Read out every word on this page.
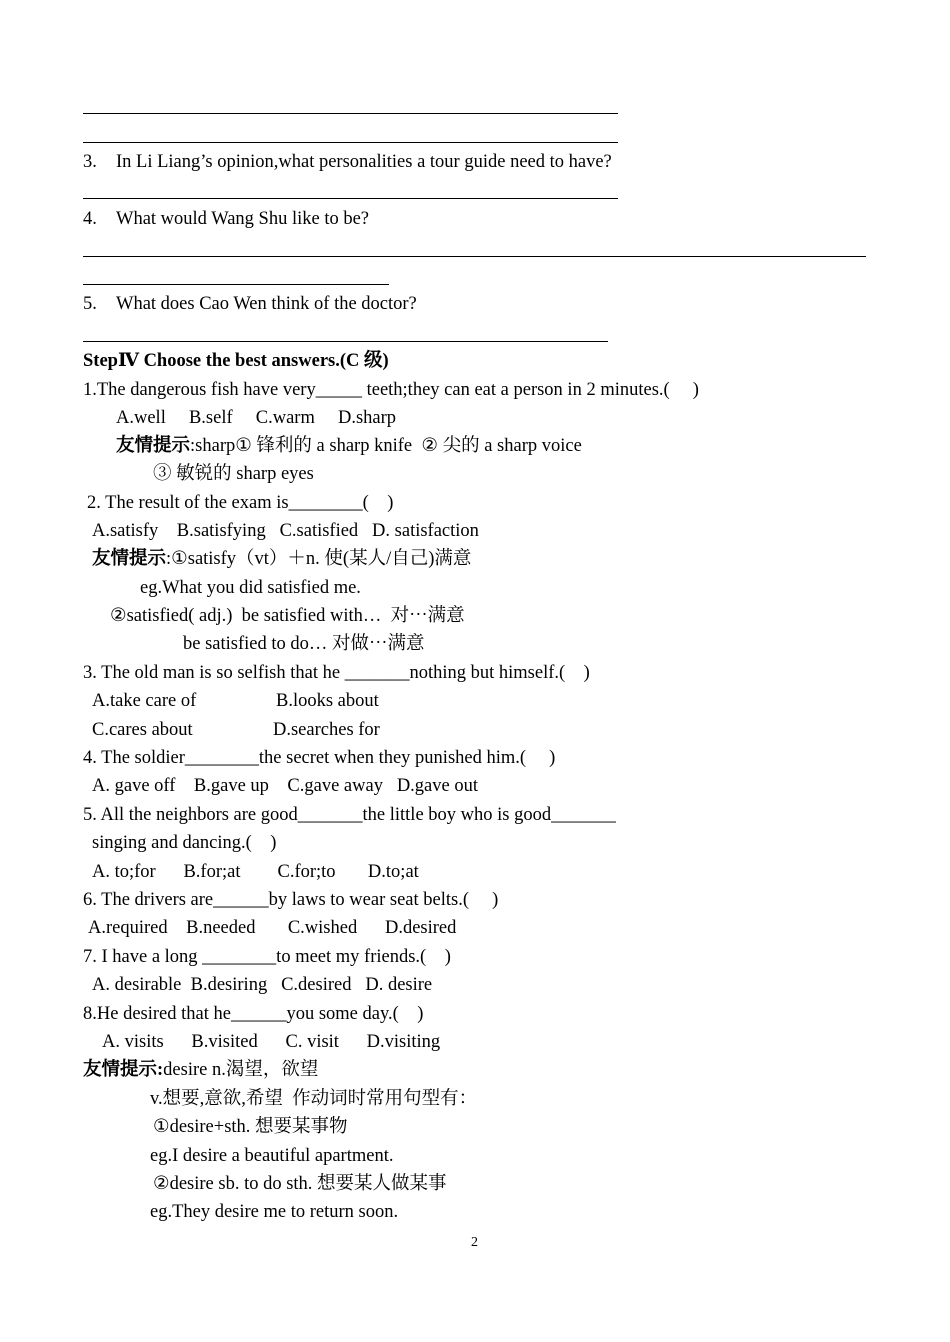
3. In Li Liang’s opinion,what personalities a tour guide need to have?
4. What would Wang Shu like to be?
5. What does Cao Wen think of the doctor?
StepⅣ Choose the best answers.(C 级)
1.The dangerous fish have very_____ teeth;they can eat a person in 2 minutes.(     )
A.well     B.self     C.warm     D.sharp
友情提示:sharp① 锋利的 a sharp knife  ② 尖的 a sharp voice
③ 敏锐的 sharp eyes
2. The result of the exam is________(    )
A.satisfy    B.satisfying   C.satisfied   D. satisfaction
友情提示:①satisfy（vt）＋n. 使(某人/自己)满意
eg.What you did satisfied me.
②satisfied( adj.)  be satisfied with…  对⋯满意
be satisfied to do… 对做⋯满意
3. The old man is so selfish that he _______nothing but himself.(    )
A.take care of	B.looks about
C.cares about	D.searches for
4. The soldier________the secret when they punished him.(     )
A. gave off    B.gave up    C.gave away   D.gave out
5. All the neighbors are good_______the little boy who is good_______
singing and dancing.(    )
A. to;for      B.for;at        C.for;to       D.to;at
6. The drivers are______by laws to wear seat belts.(     )
A.required    B.needed       C.wished      D.desired
7. I have a long ________to meet my friends.(    )
A. desirable  B.desiring   C.desired   D. desire
8.He desired that he______you some day.(    )
A. visits      B.visited      C. visit      D.visiting
友情提示:desire n.渴望，欲望
v.想要,意欲,希望  作动词时常用句型有：
①desire+sth. 想要某事物
eg.I desire a beautiful apartment.
②desire sb. to do sth. 想要某人做某事
eg.They desire me to return soon.
2
